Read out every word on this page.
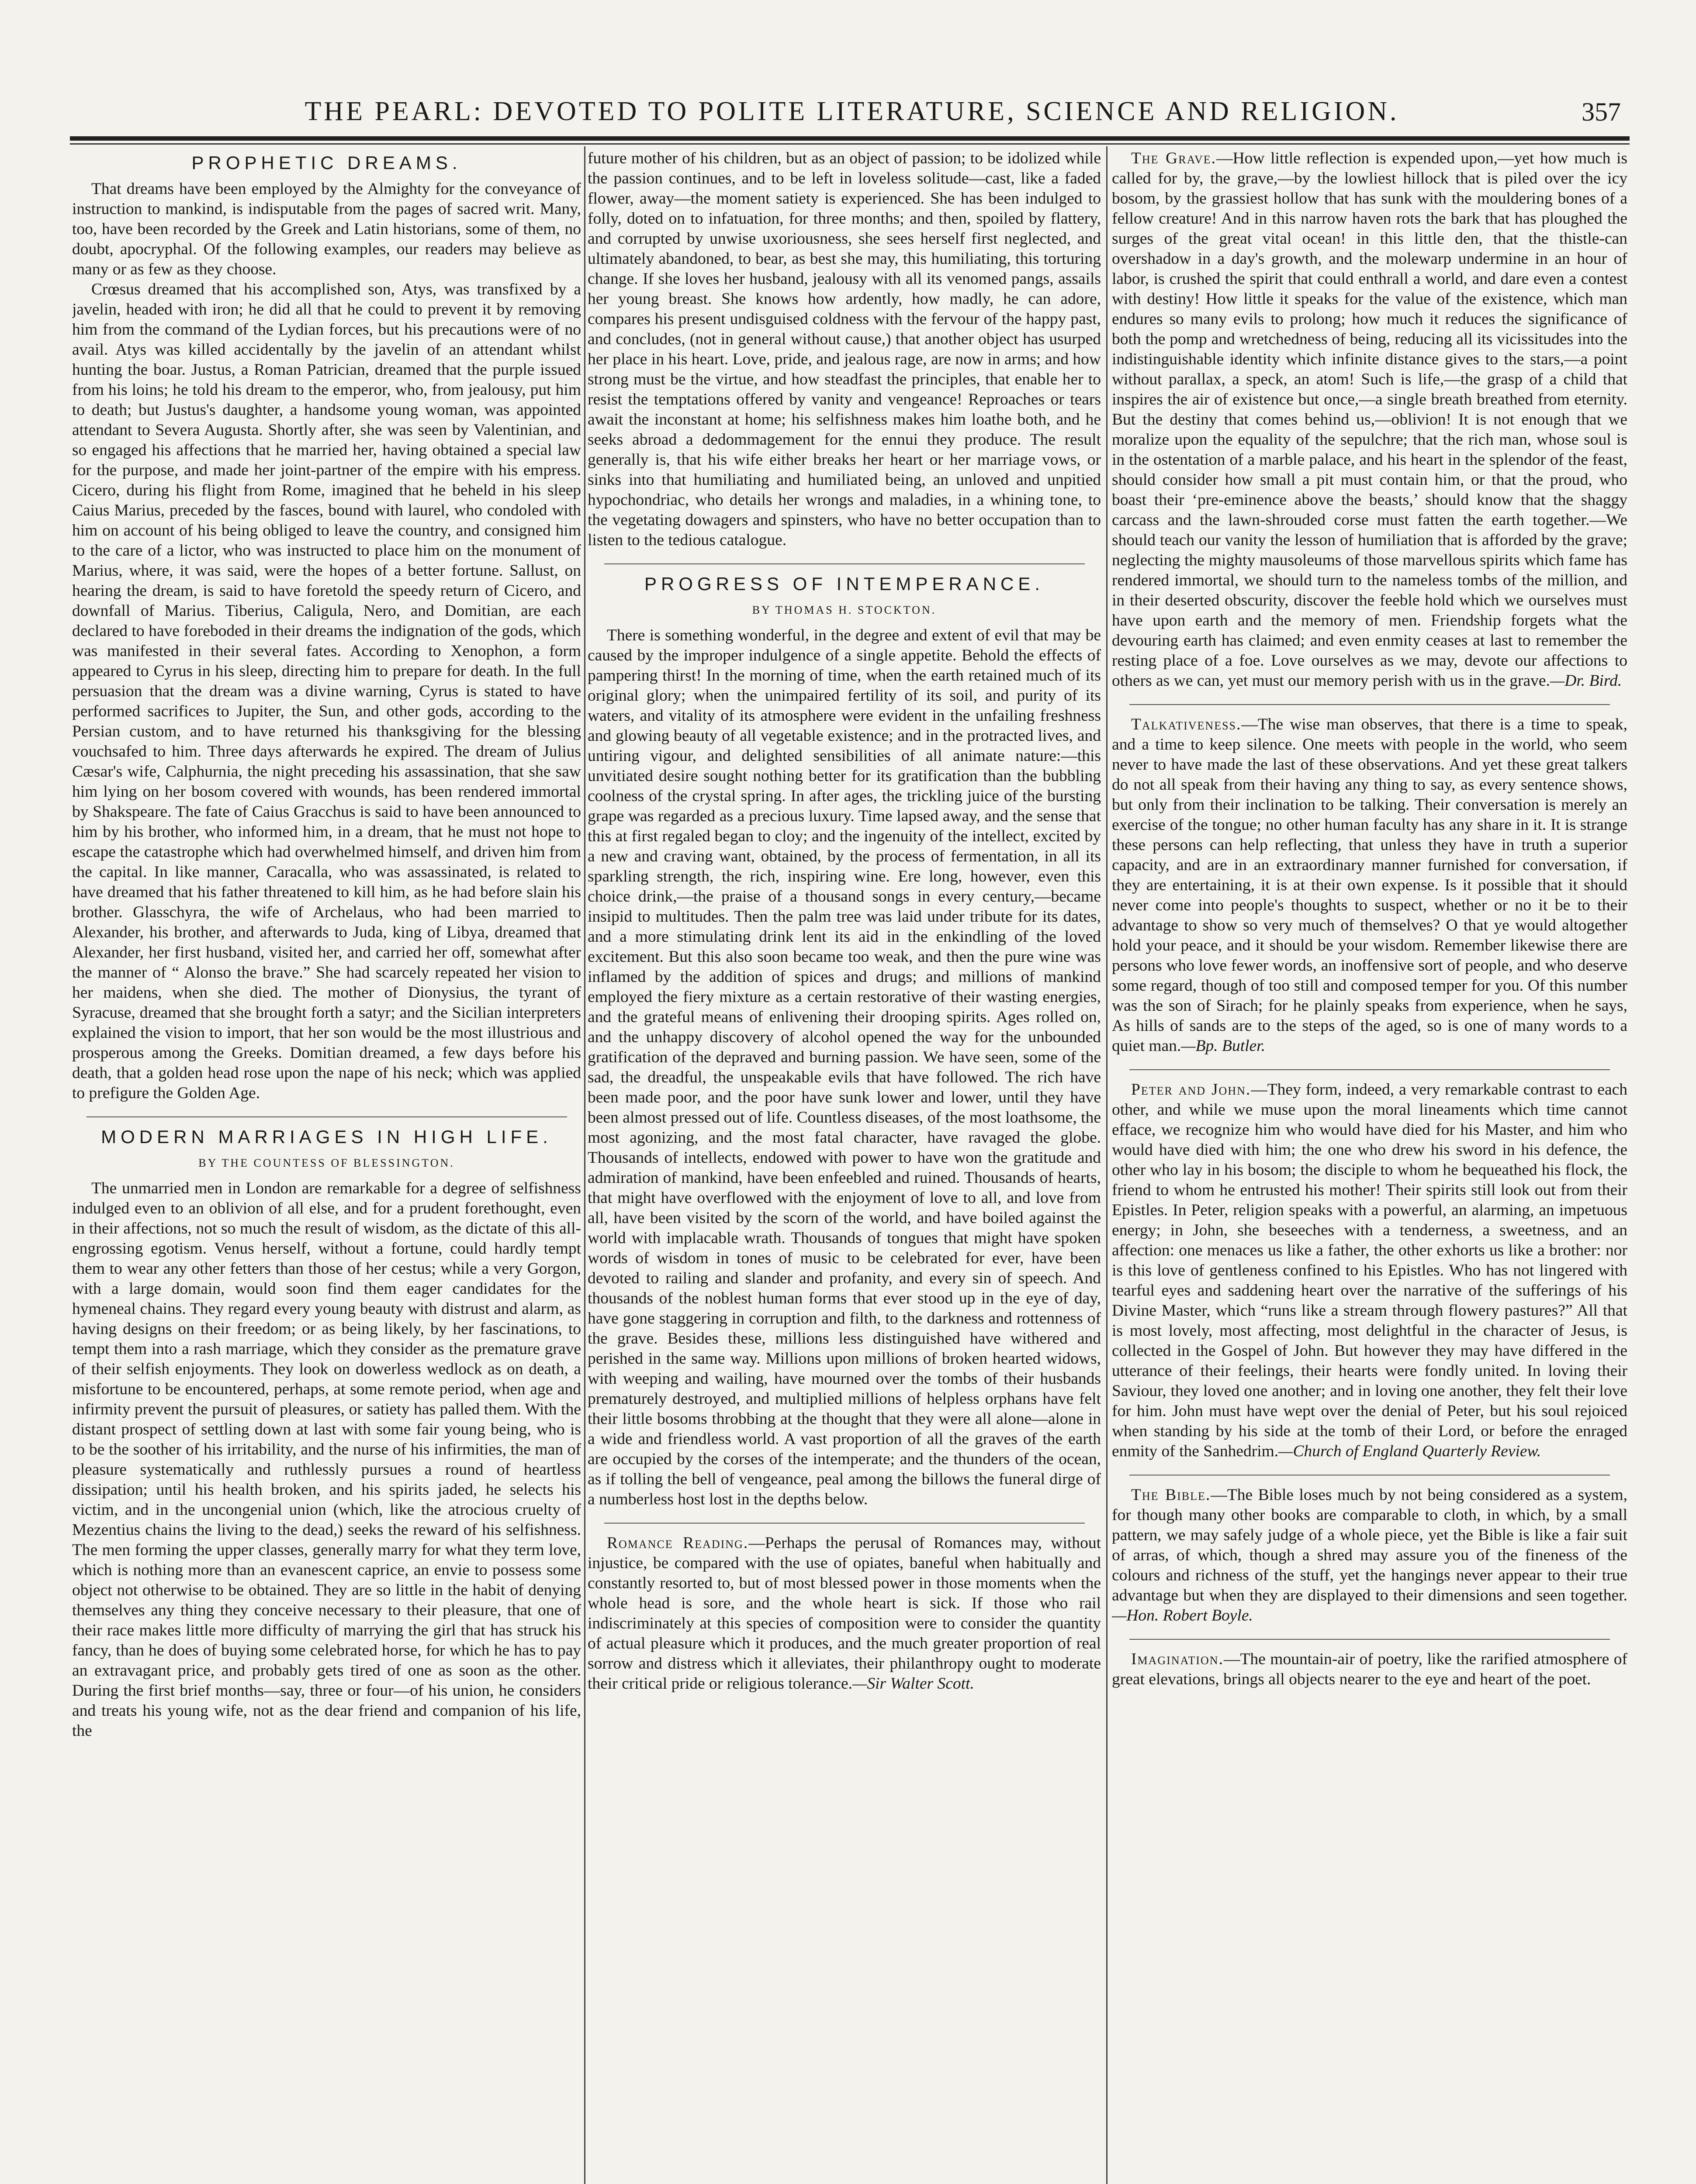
THE PEARL: DEVOTED TO POLITE LITERATURE, SCIENCE AND RELIGION.	357
PROPHETIC DREAMS.

That dreams have been employed by the Almighty for the conveyance of instruction to mankind, is indisputable from the pages of sacred writ. Many, too, have been recorded by the Greek and Latin historians, some of them, no doubt, apocryphal. Of the following examples, our readers may believe as many or as few as they choose.

Crœsus dreamed that his accomplished son, Atys, was transfixed by a javelin, headed with iron; he did all that he could to prevent it by removing him from the command of the Lydian forces, but his precautions were of no avail. Atys was killed accidentally by the javelin of an attendant whilst hunting the boar. Justus, a Roman Patrician, dreamed that the purple issued from his loins; he told his dream to the emperor, who, from jealousy, put him to death; but Justus's daughter, a handsome young woman, was appointed attendant to Severa Augusta. Shortly after, she was seen by Valentinian, and so engaged his affections that he married her, having obtained a special law for the purpose, and made her joint-partner of the empire with his empress. Cicero, during his flight from Rome, imagined that he beheld in his sleep Caius Marius, preceded by the fasces, bound with laurel, who condoled with him on account of his being obliged to leave the country, and consigned him to the care of a lictor, who was instructed to place him on the monument of Marius, where, it was said, were the hopes of a better fortune. Sallust, on hearing the dream, is said to have foretold the speedy return of Cicero, and downfall of Marius. Tiberius, Caligula, Nero, and Domitian, are each declared to have foreboded in their dreams the indignation of the gods, which was manifested in their several fates. According to Xenophon, a form appeared to Cyrus in his sleep, directing him to prepare for death. In the full persuasion that the dream was a divine warning, Cyrus is stated to have performed sacrifices to Jupiter, the Sun, and other gods, according to the Persian custom, and to have returned his thanksgiving for the blessing vouchsafed to him. Three days afterwards he expired. The dream of Julius Cæsar's wife, Calphurnia, the night preceding his assassination, that she saw him lying on her bosom covered with wounds, has been rendered immortal by Shakspeare. The fate of Caius Gracchus is said to have been announced to him by his brother, who informed him, in a dream, that he must not hope to escape the catastrophe which had overwhelmed himself, and driven him from the capital. In like manner, Caracalla, who was assassinated, is related to have dreamed that his father threatened to kill him, as he had before slain his brother. Glasschyra, the wife of Archelaus, who had been married to Alexander, his brother, and afterwards to Juda, king of Libya, dreamed that Alexander, her first husband, visited her, and carried her off, somewhat after the manner of “ Alonso the brave.” She had scarcely repeated her vision to her maidens, when she died. The mother of Dionysius, the tyrant of Syracuse, dreamed that she brought forth a satyr; and the Sicilian interpreters explained the vision to import, that her son would be the most illustrious and prosperous among the Greeks. Domitian dreamed, a few days before his death, that a golden head rose upon the nape of his neck; which was applied to prefigure the Golden Age.

MODERN MARRIAGES IN HIGH LIFE.
BY THE COUNTESS OF BLESSINGTON.

The unmarried men in London are remarkable for a degree of selfishness indulged even to an oblivion of all else, and for a prudent forethought, even in their affections, not so much the result of wisdom, as the dictate of this all-engrossing egotism. Venus herself, without a fortune, could hardly tempt them to wear any other fetters than those of her cestus; while a very Gorgon, with a large domain, would soon find them eager candidates for the hymeneal chains. They regard every young beauty with distrust and alarm, as having designs on their freedom; or as being likely, by her fascinations, to tempt them into a rash marriage, which they consider as the premature grave of their selfish enjoyments. They look on dowerless wedlock as on death, a misfortune to be encountered, perhaps, at some remote period, when age and infirmity prevent the pursuit of pleasures, or satiety has palled them. With the distant prospect of settling down at last with some fair young being, who is to be the soother of his irritability, and the nurse of his infirmities, the man of pleasure systematically and ruthlessly pursues a round of heartless dissipation; until his health broken, and his spirits jaded, he selects his victim, and in the uncongenial union (which, like the atrocious cruelty of Mezentius chains the living to the dead,) seeks the reward of his selfishness. The men forming the upper classes, generally marry for what they term love, which is nothing more than an evanescent caprice, an envie to possess some object not otherwise to be obtained. They are so little in the habit of denying themselves any thing they conceive necessary to their pleasure, that one of their race makes little more difficulty of marrying the girl that has struck his fancy, than he does of buying some celebrated horse, for which he has to pay an extravagant price, and probably gets tired of one as soon as the other. During the first brief months—say, three or four—of his union, he considers and treats his young wife, not as the dear friend and companion of his life, the

future mother of his children, but as an object of passion; to be idolized while the passion continues, and to be left in loveless solitude—cast, like a faded flower, away—the moment satiety is experienced. She has been indulged to folly, doted on to infatuation, for three months; and then, spoiled by flattery, and corrupted by unwise uxoriousness, she sees herself first neglected, and ultimately abandoned, to bear, as best she may, this humiliating, this torturing change. If she loves her husband, jealousy with all its venomed pangs, assails her young breast. She knows how ardently, how madly, he can adore, compares his present undisguised coldness with the fervour of the happy past, and concludes, (not in general without cause,) that another object has usurped her place in his heart. Love, pride, and jealous rage, are now in arms; and how strong must be the virtue, and how steadfast the principles, that enable her to resist the temptations offered by vanity and vengeance! Reproaches or tears await the inconstant at home; his selfishness makes him loathe both, and he seeks abroad a dedommagement for the ennui they produce. The result generally is, that his wife either breaks her heart or her marriage vows, or sinks into that humiliating and humiliated being, an unloved and unpitied hypochondriac, who details her wrongs and maladies, in a whining tone, to the vegetating dowagers and spinsters, who have no better occupation than to listen to the tedious catalogue.

PROGRESS OF INTEMPERANCE.
BY THOMAS H. STOCKTON.

There is something wonderful, in the degree and extent of evil that may be caused by the improper indulgence of a single appetite. Behold the effects of pampering thirst! In the morning of time, when the earth retained much of its original glory; when the unimpaired fertility of its soil, and purity of its waters, and vitality of its atmosphere were evident in the unfailing freshness and glowing beauty of all vegetable existence; and in the protracted lives, and untiring vigour, and delighted sensibilities of all animate nature:—this unvitiated desire sought nothing better for its gratification than the bubbling coolness of the crystal spring. In after ages, the trickling juice of the bursting grape was regarded as a precious luxury. Time lapsed away, and the sense that this at first regaled began to cloy; and the ingenuity of the intellect, excited by a new and craving want, obtained, by the process of fermentation, in all its sparkling strength, the rich, inspiring wine. Ere long, however, even this choice drink,—the praise of a thousand songs in every century,—became insipid to multitudes. Then the palm tree was laid under tribute for its dates, and a more stimulating drink lent its aid in the enkindling of the loved excitement. But this also soon became too weak, and then the pure wine was inflamed by the addition of spices and drugs; and millions of mankind employed the fiery mixture as a certain restorative of their wasting energies, and the grateful means of enlivening their drooping spirits. Ages rolled on, and the unhappy discovery of alcohol opened the way for the unbounded gratification of the depraved and burning passion. We have seen, some of the sad, the dreadful, the unspeakable evils that have followed. The rich have been made poor, and the poor have sunk lower and lower, until they have been almost pressed out of life. Countless diseases, of the most loathsome, the most agonizing, and the most fatal character, have ravaged the globe. Thousands of intellects, endowed with power to have won the gratitude and admiration of mankind, have been enfeebled and ruined. Thousands of hearts, that might have overflowed with the enjoyment of love to all, and love from all, have been visited by the scorn of the world, and have boiled against the world with implacable wrath. Thousands of tongues that might have spoken words of wisdom in tones of music to be celebrated for ever, have been devoted to railing and slander and profanity, and every sin of speech. And thousands of the noblest human forms that ever stood up in the eye of day, have gone staggering in corruption and filth, to the darkness and rottenness of the grave. Besides these, millions less distinguished have withered and perished in the same way. Millions upon millions of broken hearted widows, with weeping and wailing, have mourned over the tombs of their husbands prematurely destroyed, and multiplied millions of helpless orphans have felt their little bosoms throbbing at the thought that they were all alone—alone in a wide and friendless world. A vast proportion of all the graves of the earth are occupied by the corses of the intemperate; and the thunders of the ocean, as if tolling the bell of vengeance, peal among the billows the funeral dirge of a numberless host lost in the depths below.

Romance Reading.—Perhaps the perusal of Romances may, without injustice, be compared with the use of opiates, baneful when habitually and constantly resorted to, but of most blessed power in those moments when the whole head is sore, and the whole heart is sick. If those who rail indiscriminately at this species of composition were to consider the quantity of actual pleasure which it produces, and the much greater proportion of real sorrow and distress which it alleviates, their philanthropy ought to moderate their critical pride or religious tolerance.—Sir Walter Scott.

The Grave.—How little reflection is expended upon,—yet how much is called for by, the grave,—by the lowliest hillock that is piled over the icy bosom, by the grassiest hollow that has sunk with the mouldering bones of a fellow creature! And in this narrow haven rots the bark that has ploughed the surges of the great vital ocean! in this little den, that the thistle-can overshadow in a day's growth, and the molewarp undermine in an hour of labor, is crushed the spirit that could enthrall a world, and dare even a contest with destiny! How little it speaks for the value of the existence, which man endures so many evils to prolong; how much it reduces the significance of both the pomp and wretchedness of being, reducing all its vicissitudes into the indistinguishable identity which infinite distance gives to the stars,—a point without parallax, a speck, an atom! Such is life,—the grasp of a child that inspires the air of existence but once,—a single breath breathed from eternity. But the destiny that comes behind us,—oblivion! It is not enough that we moralize upon the equality of the sepulchre; that the rich man, whose soul is in the ostentation of a marble palace, and his heart in the splendor of the feast, should consider how small a pit must contain him, or that the proud, who boast their ‘pre-eminence above the beasts,’ should know that the shaggy carcass and the lawn-shrouded corse must fatten the earth together.—We should teach our vanity the lesson of humiliation that is afforded by the grave; neglecting the mighty mausoleums of those marvellous spirits which fame has rendered immortal, we should turn to the nameless tombs of the million, and in their deserted obscurity, discover the feeble hold which we ourselves must have upon earth and the memory of men. Friendship forgets what the devouring earth has claimed; and even enmity ceases at last to remember the resting place of a foe. Love ourselves as we may, devote our affections to others as we can, yet must our memory perish with us in the grave.—Dr. Bird.

Talkativeness.—The wise man observes, that there is a time to speak, and a time to keep silence. One meets with people in the world, who seem never to have made the last of these observations. And yet these great talkers do not all speak from their having any thing to say, as every sentence shows, but only from their inclination to be talking. Their conversation is merely an exercise of the tongue; no other human faculty has any share in it. It is strange these persons can help reflecting, that unless they have in truth a superior capacity, and are in an extraordinary manner furnished for conversation, if they are entertaining, it is at their own expense. Is it possible that it should never come into people's thoughts to suspect, whether or no it be to their advantage to show so very much of themselves? O that ye would altogether hold your peace, and it should be your wisdom. Remember likewise there are persons who love fewer words, an inoffensive sort of people, and who deserve some regard, though of too still and composed temper for you. Of this number was the son of Sirach; for he plainly speaks from experience, when he says, As hills of sands are to the steps of the aged, so is one of many words to a quiet man.—Bp. Butler.

Peter and John.—They form, indeed, a very remarkable contrast to each other, and while we muse upon the moral lineaments which time cannot efface, we recognize him who would have died for his Master, and him who would have died with him; the one who drew his sword in his defence, the other who lay in his bosom; the disciple to whom he bequeathed his flock, the friend to whom he entrusted his mother! Their spirits still look out from their Epistles. In Peter, religion speaks with a powerful, an alarming, an impetuous energy; in John, she beseeches with a tenderness, a sweetness, and an affection: one menaces us like a father, the other exhorts us like a brother: nor is this love of gentleness confined to his Epistles. Who has not lingered with tearful eyes and saddening heart over the narrative of the sufferings of his Divine Master, which “runs like a stream through flowery pastures?” All that is most lovely, most affecting, most delightful in the character of Jesus, is collected in the Gospel of John. But however they may have differed in the utterance of their feelings, their hearts were fondly united. In loving their Saviour, they loved one another; and in loving one another, they felt their love for him. John must have wept over the denial of Peter, but his soul rejoiced when standing by his side at the tomb of their Lord, or before the enraged enmity of the Sanhedrim.—Church of England Quarterly Review.

The Bible.—The Bible loses much by not being considered as a system, for though many other books are comparable to cloth, in which, by a small pattern, we may safely judge of a whole piece, yet the Bible is like a fair suit of arras, of which, though a shred may assure you of the fineness of the colours and richness of the stuff, yet the hangings never appear to their true advantage but when they are displayed to their dimensions and seen together.—Hon. Robert Boyle.

Imagination.—The mountain-air of poetry, like the rarified atmosphere of great elevations, brings all objects nearer to the eye and heart of the poet.
